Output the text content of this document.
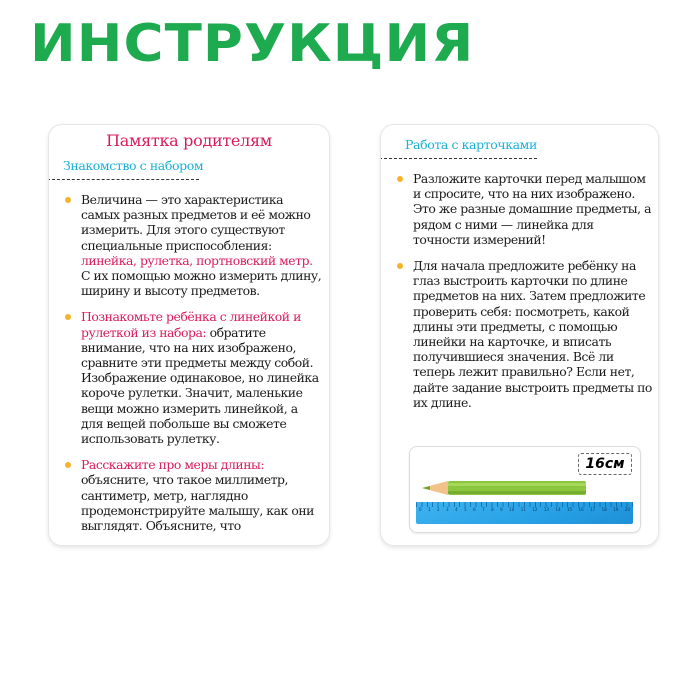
ИНСТРУКЦИЯ
Памятка родителям
Знакомство с набором
Величина — это характеристика самых разных предметов и её можно измерить. Для этого существуют специальные приспособления: линейка, рулетка, портновский метр. С их помощью можно измерить длину, ширину и высоту предметов.
Познакомьте ребёнка с линейкой и рулеткой из набора: обратите внимание, что на них изображено, сравните эти предметы между собой. Изображение одинаковое, но линейка короче рулетки. Значит, маленькие вещи можно измерить линейкой, а для вещей побольше вы сможете использовать рулетку.
Расскажите про меры длины: объясните, что такое миллиметр, сантиметр, метр, наглядно продемонстрируйте малышу, как они выглядят. Объясните, что
Работа с карточками
Разложите карточки перед малышом и спросите, что на них изображено. Это же разные домашние предметы, а рядом с ними — линейка для точности измерений!
Для начала предложите ребёнку на глаз выстроить карточки по длине предметов на них. Затем предложите проверить себя: посмотреть, какой длины эти предметы, с помощью линейки на карточке, и вписать получившиеся значения. Всё ли теперь лежит правильно? Если нет, дайте задание выстроить предметы по их длине.
16см
0 1 2 3 4 5 6 7 8 9 10 11 12 13 14 15 16 17 18 19 20
